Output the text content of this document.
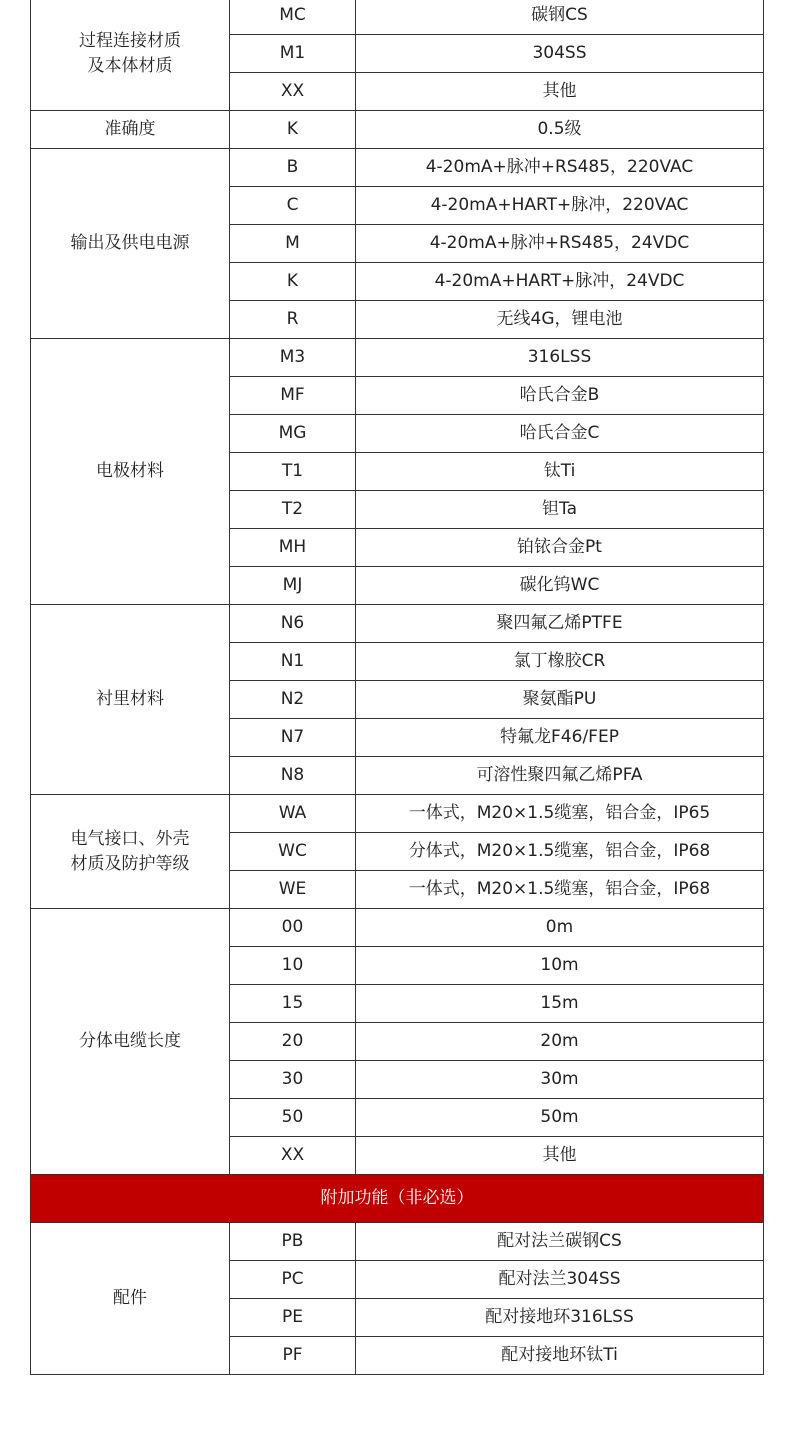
过程连接材质
及本体材质	MC	碳钢CS
	M1	304SS
	XX	其他

准确度	K	0.5级

输出及供电电源	B	4-20mA+脉冲+RS485，220VAC
	C	4-20mA+HART+脉冲，220VAC
	M	4-20mA+脉冲+RS485，24VDC
	K	4-20mA+HART+脉冲，24VDC
	R	无线4G，锂电池

电极材料	M3	316LSS
	MF	哈氏合金B
	MG	哈氏合金C
	T1	钛Ti
	T2	钽Ta
	MH	铂铱合金Pt
	MJ	碳化钨WC

衬里材料	N6	聚四氟乙烯PTFE
	N1	氯丁橡胶CR
	N2	聚氨酯PU
	N7	特氟龙F46/FEP
	N8	可溶性聚四氟乙烯PFA

电气接口、外壳
材质及防护等级	WA	一体式，M20×1.5缆塞，铝合金，IP65
	WC	分体式，M20×1.5缆塞，铝合金，IP68
	WE	一体式，M20×1.5缆塞，铝合金，IP68

分体电缆长度	00	0m
	10	10m
	15	15m
	20	20m
	30	30m
	50	50m
	XX	其他
附加功能（非必选）		

配件	PB	配对法兰碳钢CS
	PC	配对法兰304SS
	PE	配对接地环316LSS
	PF	配对接地环钛Ti
